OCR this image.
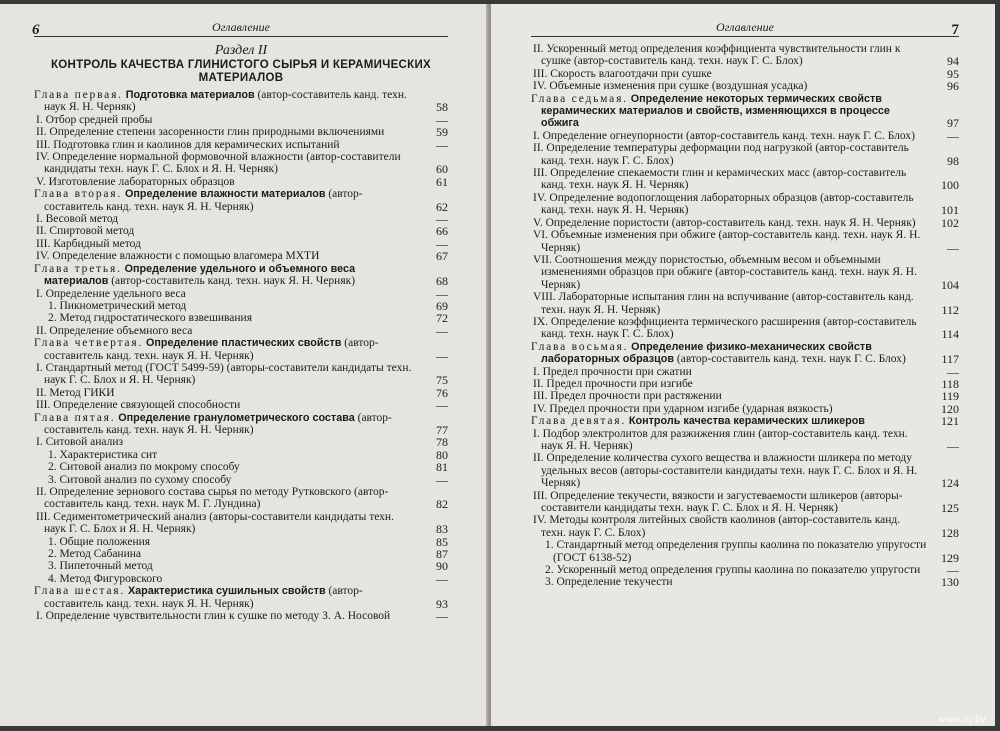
6	Оглавление
Раздел II
КОНТРОЛЬ КАЧЕСТВА ГЛИНИСТОГО СЫРЬЯ И КЕРАМИЧЕСКИХ МАТЕРИАЛОВ
Глава первая. Подготовка материалов (автор-составитель канд. техн. наук Я. Н. Черняк)	58
I. Отбор средней пробы	—
II. Определение степени засоренности глин природными включениями	59
III. Подготовка глин и каолинов для керамических испытаний	—
IV. Определение нормальной формовочной влажности (автор-составители кандидаты техн. наук Г. С. Блох и Я. Н. Черняк)	60
V. Изготовление лабораторных образцов	61
Глава вторая. Определение влажности материалов (автор-составитель канд. техн. наук Я. Н. Черняк)	62
I. Весовой метод	—
II. Спиртовой метод	66
III. Карбидный метод	—
IV. Определение влажности с помощью влагомера МХТИ	67
Глава третья. Определение удельного и объемного веса материалов (автор-составитель канд. техн. наук Я. Н. Черняк)	68
I. Определение удельного веса	—
1. Пикнометрический метод	69
2. Метод гидростатического взвешивания	72
II. Определение объемного веса	—
Глава четвертая. Определение пластических свойств (автор-составитель канд. техн. наук Я. Н. Черняк)	—
I. Стандартный метод (ГОСТ 5499-59) (авторы-составители кандидаты техн. наук Г. С. Блох и Я. Н. Черняк)	75
II. Метод ГИКИ	76
III. Определение связующей способности	—
Глава пятая. Определение гранулометрического состава (автор-составитель канд. техн. наук Я. Н. Черняк)	77
I. Ситовой анализ	78
1. Характеристика сит	80
2. Ситовой анализ по мокрому способу	81
3. Ситовой анализ по сухому способу	—
II. Определение зернового состава сырья по методу Рутковского (автор-составитель канд. техн. наук М. Г. Лундина)	82
III. Седиментометрический анализ (авторы-составители кандидаты техн. наук Г. С. Блох и Я. Н. Черняк)	83
1. Общие положения	85
2. Метод Сабанина	87
3. Пипеточный метод	90
4. Метод Фигуровского	—
Глава шестая. Характеристика сушильных свойств (автор-составитель канд. техн. наук Я. Н. Черняк)	93
I. Определение чувствительности глин к сушке по методу З. А. Носовой	—
Оглавление	7
II. Ускоренный метод определения коэффициента чувствительности глин к сушке (автор-составитель канд. техн. наук Г. С. Блох)	94
III. Скорость влагоотдачи при сушке	95
IV. Объемные изменения при сушке (воздушная усадка)	96
Глава седьмая. Определение некоторых термических свойств керамических материалов и свойств, изменяющихся в процессе обжига	97
I. Определение огнеупорности (автор-составитель канд. техн. наук Г. С. Блох)	—
II. Определение температуры деформации под нагрузкой (автор-составитель канд. техн. наук Г. С. Блох)	98
III. Определение спекаемости глин и керамических масс (автор-составитель канд. техн. наук Я. Н. Черняк)	100
IV. Определение водопоглощения лабораторных образцов (автор-составитель канд. техн. наук Я. Н. Черняк)	101
V. Определение пористости (автор-составитель канд. техн. наук Я. Н. Черняк)	102
VI. Объемные изменения при обжиге (автор-составитель канд. техн. наук Я. Н. Черняк)	—
VII. Соотношения между пористостью, объемным весом и объемными изменениями образцов при обжиге (автор-составитель канд. техн. наук Я. Н. Черняк)	104
VIII. Лабораторные испытания глин на вспучивание (автор-составитель канд. техн. наук Я. Н. Черняк)	112
IX. Определение коэффициента термического расширения (автор-составитель канд. техн. наук Г. С. Блох)	114
Глава восьмая. Определение физико-механических свойств лабораторных образцов (автор-составитель канд. техн. наук Г. С. Блох)	117
I. Предел прочности при сжатии	—
II. Предел прочности при изгибе	118
III. Предел прочности при растяжении	119
IV. Предел прочности при ударном изгибе (ударная вязкость)	120
Глава девятая. Контроль качества керамических шликеров	121
I. Подбор электролитов для разжижения глин (автор-составитель канд. техн. наук Я. Н. Черняк)	—
II. Определение количества сухого вещества и влажности шликера по методу удельных весов (авторы-составители кандидаты техн. наук Г. С. Блох и Я. Н. Черняк)	124
III. Определение текучести, вязкости и загустеваемости шликеров (авторы-составители кандидаты техн. наук Г. С. Блох и Я. Н. Черняк)	125
IV. Методы контроля литейных свойств каолинов (автор-составитель канд. техн. наук Г. С. Блох)	128
1. Стандартный метод определения группы каолина по показателю упругости (ГОСТ 6138-52)	129
2. Ускоренный метод определения группы каолина по показателю упругости	—
3. Определение текучести	130
www.ay.by
